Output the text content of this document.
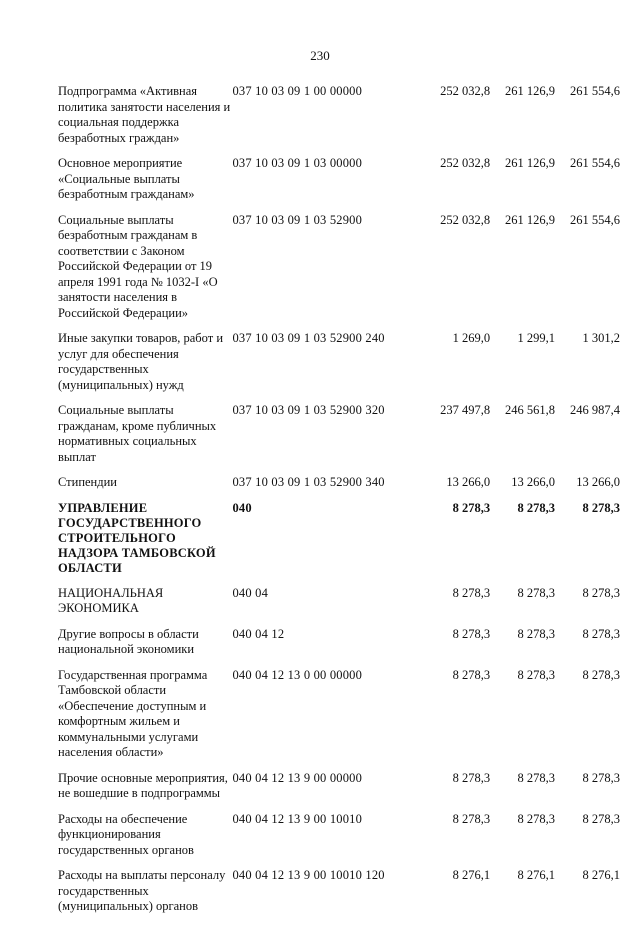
230
Подпрограмма «Активная политика занятости населения и социальная поддержка безработных граждан»	037 10 03 09 1 00 00000	252 032,8	261 126,9	261 554,6
Основное мероприятие «Социальные выплаты безработным гражданам»	037 10 03 09 1 03 00000	252 032,8	261 126,9	261 554,6
Социальные выплаты безработным гражданам в соответствии с Законом Российской Федерации от 19 апреля 1991 года № 1032-I «О занятости населения в Российской Федерации»	037 10 03 09 1 03 52900	252 032,8	261 126,9	261 554,6
Иные закупки товаров, работ и услуг для обеспечения государственных (муниципальных) нужд	037 10 03 09 1 03 52900 240	1 269,0	1 299,1	1 301,2
Социальные выплаты гражданам, кроме публичных нормативных социальных выплат	037 10 03 09 1 03 52900 320	237 497,8	246 561,8	246 987,4
Стипендии	037 10 03 09 1 03 52900 340	13 266,0	13 266,0	13 266,0
УПРАВЛЕНИЕ ГОСУДАРСТВЕННОГО СТРОИТЕЛЬНОГО НАДЗОРА ТАМБОВСКОЙ ОБЛАСТИ	040	8 278,3	8 278,3	8 278,3
НАЦИОНАЛЬНАЯ ЭКОНОМИКА	040 04	8 278,3	8 278,3	8 278,3
Другие вопросы в области национальной экономики	040 04 12	8 278,3	8 278,3	8 278,3
Государственная программа Тамбовской области «Обеспечение доступным и комфортным жильем и коммунальными услугами населения области»	040 04 12 13 0 00 00000	8 278,3	8 278,3	8 278,3
Прочие основные мероприятия, не вошедшие в подпрограммы	040 04 12 13 9 00 00000	8 278,3	8 278,3	8 278,3
Расходы на обеспечение функционирования государственных органов	040 04 12 13 9 00 10010	8 278,3	8 278,3	8 278,3
Расходы на выплаты персоналу государственных (муниципальных) органов	040 04 12 13 9 00 10010 120	8 276,1	8 276,1	8 276,1
